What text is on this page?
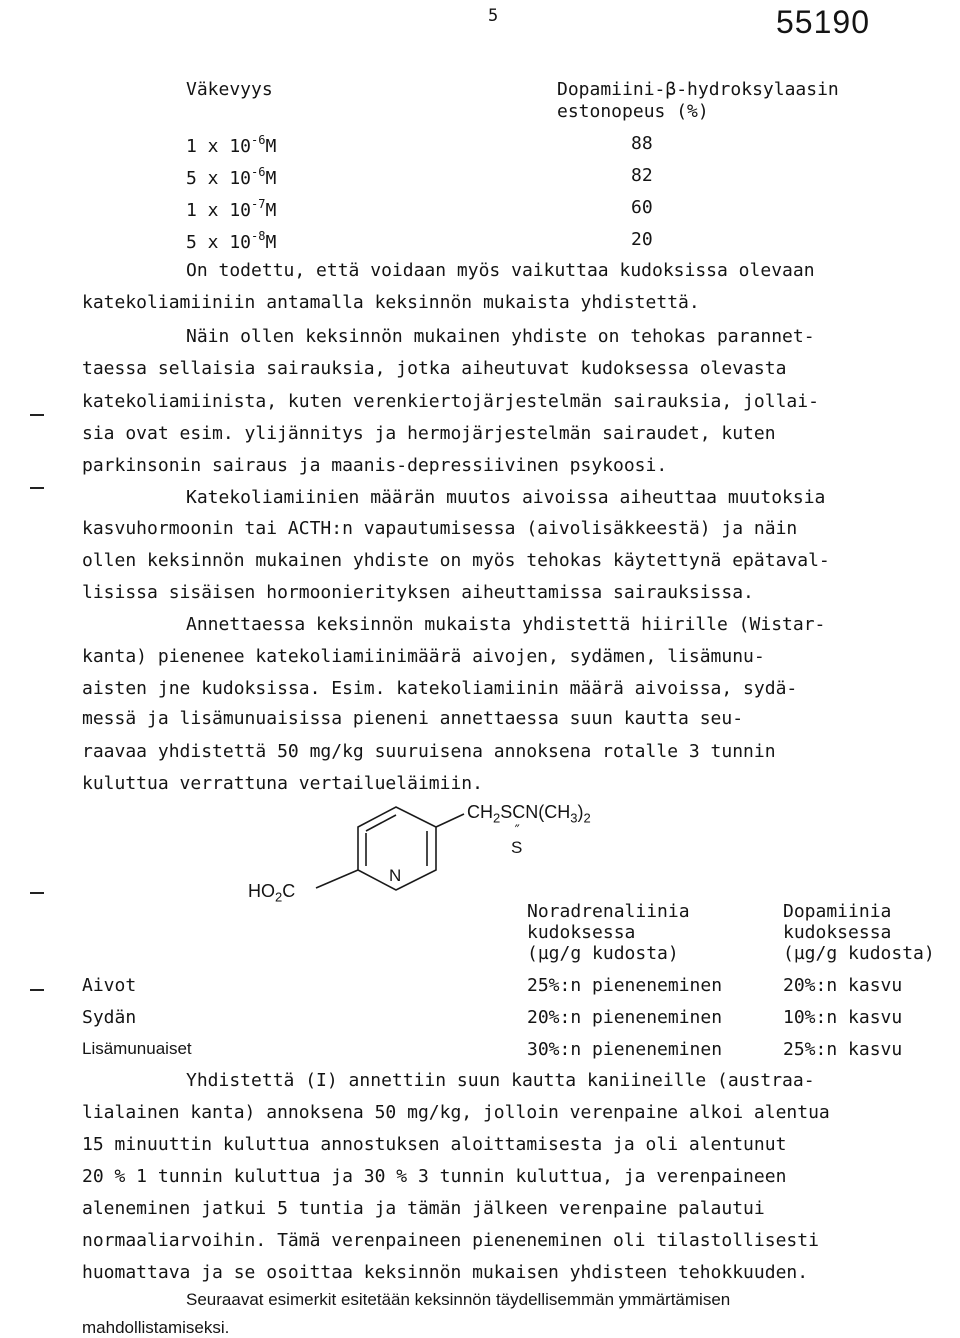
5	55190
Väkevyys	Dopamiini-β-hydroksylaasin
estonopeus (%)
1 x $10^{-6}M$	88
5 x $10^{-6}M$	82
1 x $10^{-7}M$	60
5 x $10^{-8}M$	20
On todettu, että voidaan myös vaikuttaa kudoksissa olevaan
katekoliamiiniin antamalla keksinnön mukaista yhdistettä.
Näin ollen keksinnön mukainen yhdiste on tehokas parannet-
taessa sellaisia sairauksia, jotka aiheutuvat kudoksessa olevasta
katekoliamiinista, kuten verenkiertojärjestelmän sairauksia, jollai-
sia ovat esim. ylijännitys ja hermojärjestelmän sairaudet, kuten
parkinsonin sairaus ja maanis-depressiivinen psykoosi.
Katekoliamiinien määrän muutos aivoissa aiheuttaa muutoksia
kasvuhormoonin tai ACTH:n vapautumisessa (aivolisäkkeestä) ja näin
ollen keksinnön mukainen yhdiste on myös tehokas käytettynä epätaval-
lisissa sisäisen hormoonierityksen aiheuttamissa sairauksissa.
Annettaessa keksinnön mukaista yhdistettä hiirille (Wistar-
kanta) pienenee katekoliamiinimäärä aivojen, sydämen, lisämunu-
aisten jne kudoksissa. Esim. katekoliamiinin määrä aivoissa, sydä-
messä ja lisämunuaisissa pieneni annettaessa suun kautta seu-
raavaa yhdistettä 50 mg/kg suuruisena annoksena rotalle 3 tunnin
kuluttua verrattuna vertailueläimiin.
$CH_2SCN(CH_3)_2$
″
S
N
$HO_2C$
Noradrenaliinia
kudoksessa
(µg/g kudosta)
Dopamiinia
kudoksessa
(µg/g kudosta)
Aivot	25%:n pieneneminen	20%:n kasvu
Sydän	20%:n pieneneminen	10%:n kasvu
Lisämunuaiset	30%:n pieneneminen	25%:n kasvu
Yhdistettä (I) annettiin suun kautta kaniineille (austraa-
lialainen kanta) annoksena 50 mg/kg, jolloin verenpaine alkoi alentua
15 minuuttin kuluttua annostuksen aloittamisesta ja oli alentunut
20 % 1 tunnin kuluttua ja 30 % 3 tunnin kuluttua, ja verenpaineen
aleneminen jatkui 5 tuntia ja tämän jälkeen verenpaine palautui
normaaliarvoihin. Tämä verenpaineen pieneneminen oli tilastollisesti
huomattava ja se osoittaa keksinnön mukaisen yhdisteen tehokkuuden.
Seuraavat esimerkit esitetään keksinnön täydellisemmän ymmärtämisen
mahdollistamiseksi.
